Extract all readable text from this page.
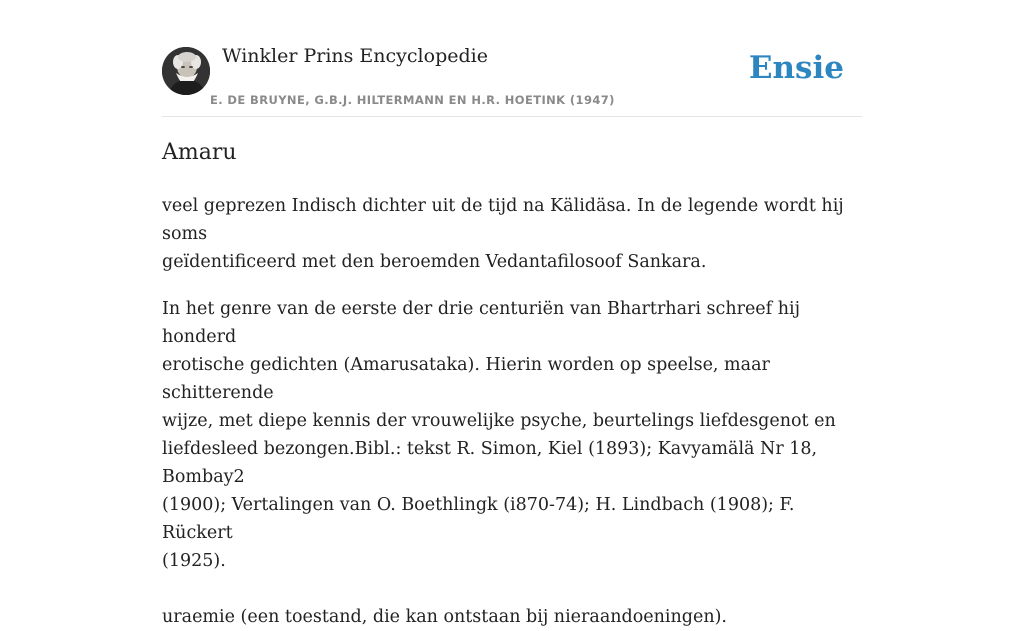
Winkler Prins Encyclopedie
E. DE BRUYNE, G.B.J. HILTERMANN EN H.R. HOETINK (1947)
Ensie
Amaru

veel geprezen Indisch dichter uit de tijd na Kälidäsa. In de legende wordt hij soms
geïdentificeerd met den beroemden Vedantafilosoof Sankara.

In het genre van de eerste der drie centuriën van Bhartrhari schreef hij honderd
erotische gedichten (Amarusataka). Hierin worden op speelse, maar schitterende
wijze, met diepe kennis der vrouwelijke psyche, beurtelings liefdesgenot en
liefdesleed bezongen.Bibl.: tekst R. Simon, Kiel (1893); Kavyamälä Nr 18, Bombay2
(1900); Vertalingen van O. Boethlingk (i870-74); H. Lindbach (1908); F. Rückert
(1925).

uraemie (een toestand, die kan ontstaan bij nieraandoeningen).
